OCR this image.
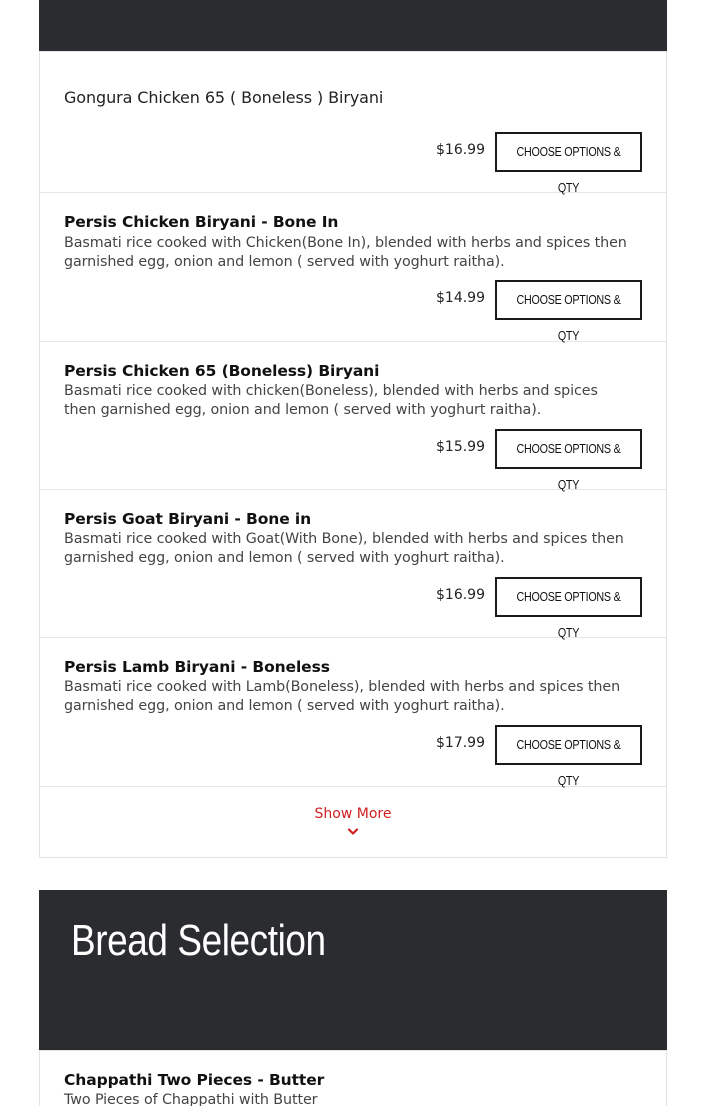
Gongura Chicken 65 ( Boneless ) Biryani
$16.99	CHOOSE OPTIONS & QTY
Persis Chicken Biryani - Bone In
Basmati rice cooked with Chicken(Bone In), blended with herbs and spices then garnished egg, onion and lemon ( served with yoghurt raitha).
$14.99	CHOOSE OPTIONS & QTY
Persis Chicken 65 (Boneless) Biryani
Basmati rice cooked with chicken(Boneless), blended with herbs and spices then garnished egg, onion and lemon ( served with yoghurt raitha).
$15.99	CHOOSE OPTIONS & QTY
Persis Goat Biryani - Bone in
Basmati rice cooked with Goat(With Bone), blended with herbs and spices then garnished egg, onion and lemon ( served with yoghurt raitha).
$16.99	CHOOSE OPTIONS & QTY
Persis Lamb Biryani - Boneless
Basmati rice cooked with Lamb(Boneless), blended with herbs and spices then garnished egg, onion and lemon ( served with yoghurt raitha).
$17.99	CHOOSE OPTIONS & QTY
Show More
Bread Selection
Chappathi Two Pieces - Butter
Two Pieces of Chappathi with Butter
